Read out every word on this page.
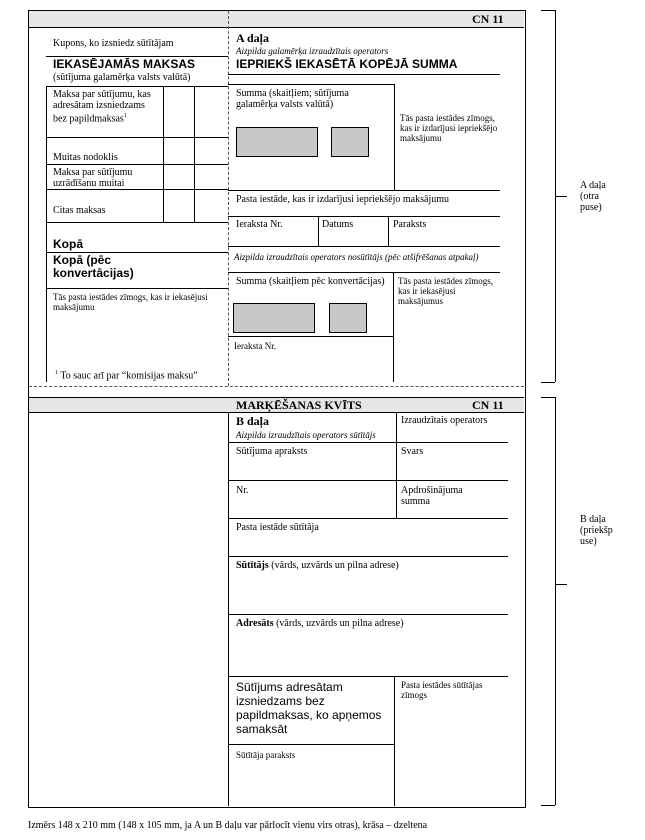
CN 11
Kupons, ko izsniedz sūtītājam
IEKASĒJAMĀS MAKSAS
(sūtījuma galamērķa valsts valūtā)
Maksa par sūtījumu, kas adresātam izsniedzams bez papildmaksas$^1$
Muitas nodoklis
Maksa par sūtījumu uzrādīšanu muitai
Citas maksas
Kopā
Kopā (pēc konvertācijas)
Tās pasta iestādes zīmogs, kas ir iekasējusi maksājumu
$^1$ To sauc arī par “komisijas maksu”
A daļa
Aizpilda galamērķa izraudzītais operators
IEPRIEKŠ IEKASĒTĀ KOPĒJĀ SUMMA
Summa (skaitļiem; sūtījuma galamērķa valsts valūtā)
Tās pasta iestādes zīmogs, kas ir izdarījusi iepriekšējo maksājumu
Pasta iestāde, kas ir izdarījusi iepriekšējo maksājumu
Ieraksta Nr.	Datums	Paraksts
Aizpilda izraudzītais operators nosūtītājs (pēc atšifrēšanas atpakaļ)
Summa (skaitļiem pēc konvertācijas) Tās pasta iestādes zīmogs, kas ir iekasējusi maksājumus
Ieraksta Nr.
MARĶĒŠANAS KVĪTS	CN 11
B daļa
Aizpilda izraudzītais operators sūtītājs
Izraudzītais operators
Sūtījuma apraksts	Svars
Nr.	Apdrošinājuma summa
Pasta iestāde sūtītāja
Sūtītājs (vārds, uzvārds un pilna adrese)
Adresāts (vārds, uzvārds un pilna adrese)
Sūtījums adresātam izsniedzams bez papildmaksas, ko apņemos samaksāt
Pasta iestādes sūtītājas zīmogs
Sūtītāja paraksts
A daļa (otra puse)
B daļa (priekšpuse)
Izmērs 148 x 210 mm (148 x 105 mm, ja A un B daļu var pārlocīt vienu virs otras), krāsa – dzeltena
